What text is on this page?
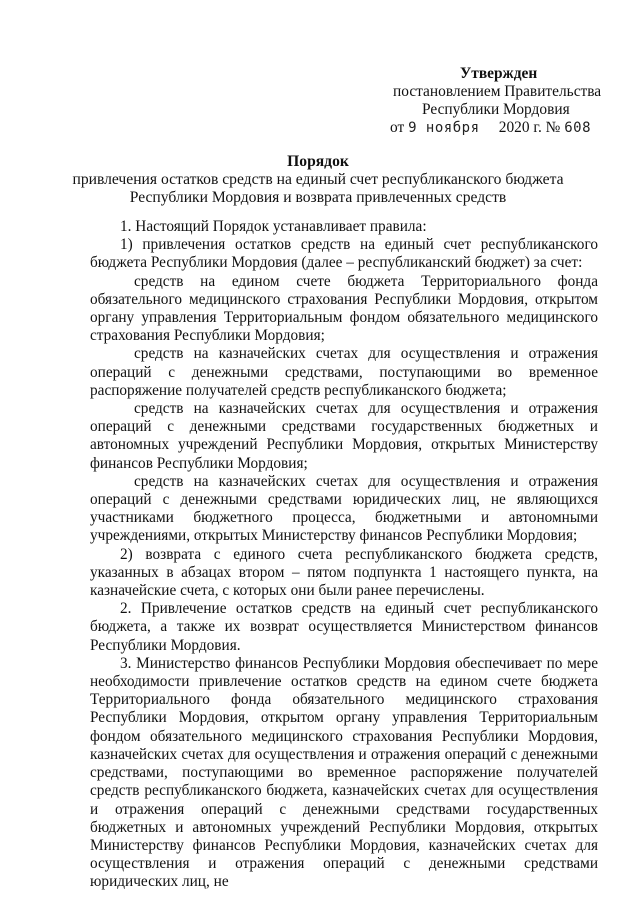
Утвержден
постановлением Правительства
Республики Мордовия
от 9 ноября 2020 г. № 608
Порядок
привлечения остатков средств на единый счет республиканского бюджета
Республики Мордовия и возврата привлеченных средств

1. Настоящий Порядок устанавливает правила:

1) привлечения остатков средств на единый счет республиканского бюджета Республики Мордовия (далее – республиканский бюджет) за счет:

средств на едином счете бюджета Территориального фонда обязательного медицинского страхования Республики Мордовия, открытом органу управления Территориальным фондом обязательного медицинского страхования Республики Мордовия;

средств на казначейских счетах для осуществления и отражения операций с денежными средствами, поступающими во временное распоряжение получателей средств республиканского бюджета;

средств на казначейских счетах для осуществления и отражения операций с денежными средствами государственных бюджетных и автономных учреждений Республики Мордовия, открытых Министерству финансов Республики Мордовия;

средств на казначейских счетах для осуществления и отражения операций с денежными средствами юридических лиц, не являющихся участниками бюджетного процесса, бюджетными и автономными учреждениями, открытых Министерству финансов Республики Мордовия;

2) возврата с единого счета республиканского бюджета средств, указанных в абзацах втором – пятом подпункта 1 настоящего пункта, на казначейские счета, с которых они были ранее перечислены.

2. Привлечение остатков средств на единый счет республиканского бюджета, а также их возврат осуществляется Министерством финансов Республики Мордовия.

3. Министерство финансов Республики Мордовия обеспечивает по мере необходимости привлечение остатков средств на едином счете бюджета Территориального фонда обязательного медицинского страхования Республики Мордовия, открытом органу управления Территориальным фондом обязательного медицинского страхования Республики Мордовия, казначейских счетах для осуществления и отражения операций с денежными средствами, поступающими во временное распоряжение получателей средств республиканского бюджета, казначейских счетах для осуществления и отражения операций с денежными средствами государственных бюджетных и автономных учреждений Республики Мордовия, открытых Министерству финансов Республики Мордовия, казначейских счетах для осуществления и отражения операций с денежными средствами юридических лиц, не
